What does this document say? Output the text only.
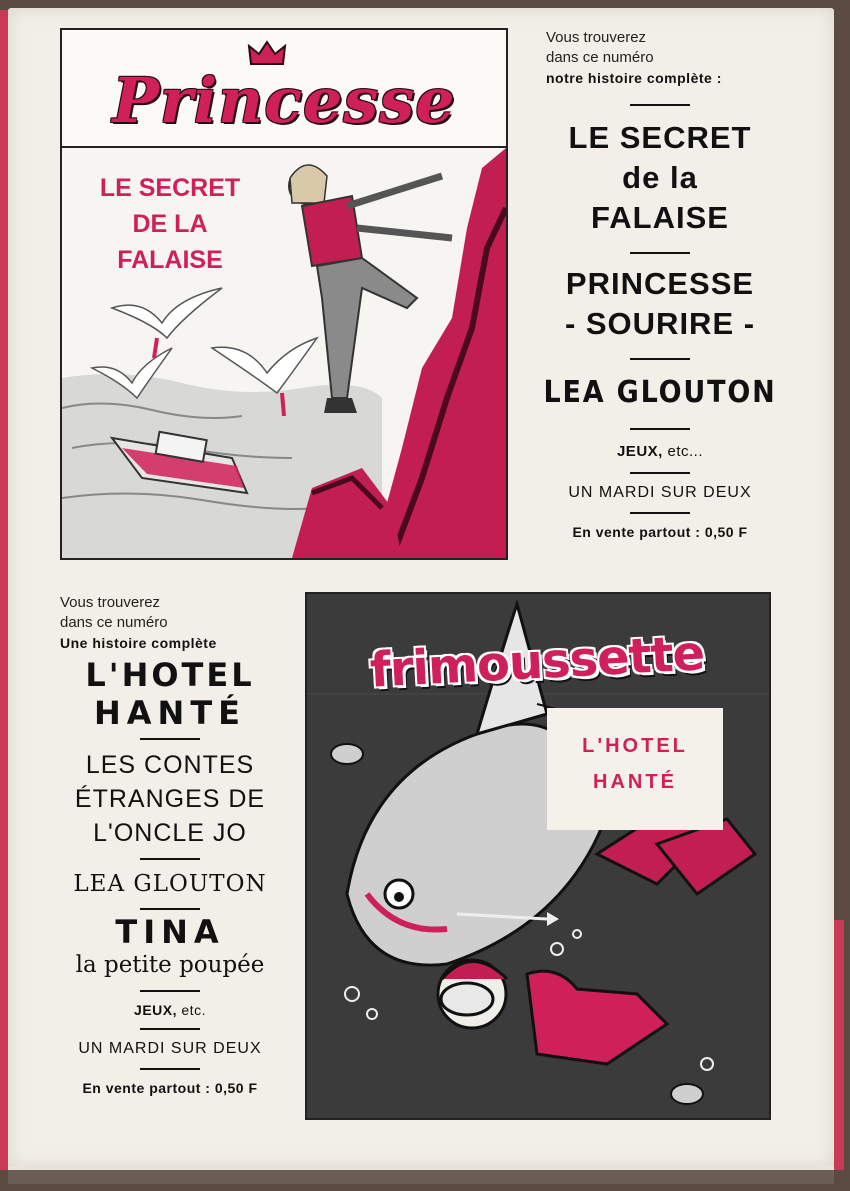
Princesse
LE SECRET
DE LA
FALAISE
Vous trouverez
dans ce numéro
notre histoire complète :
LE SECRET
de la
FALAISE
PRINCESSE
- SOURIRE -
LEA GLOUTON
JEUX, etc...
UN MARDI SUR DEUX
En vente partout : 0,50 F
Vous trouverez
dans ce numéro
Une histoire complète
L'HOTEL
HANTÉ
LES CONTES
ÉTRANGES DE
L'ONCLE JO
LEA GLOUTON
TINA
la petite poupée
JEUX, etc.
UN MARDI SUR DEUX
En vente partout : 0,50 F
frimoussette
L'HOTEL
HANTÉ
